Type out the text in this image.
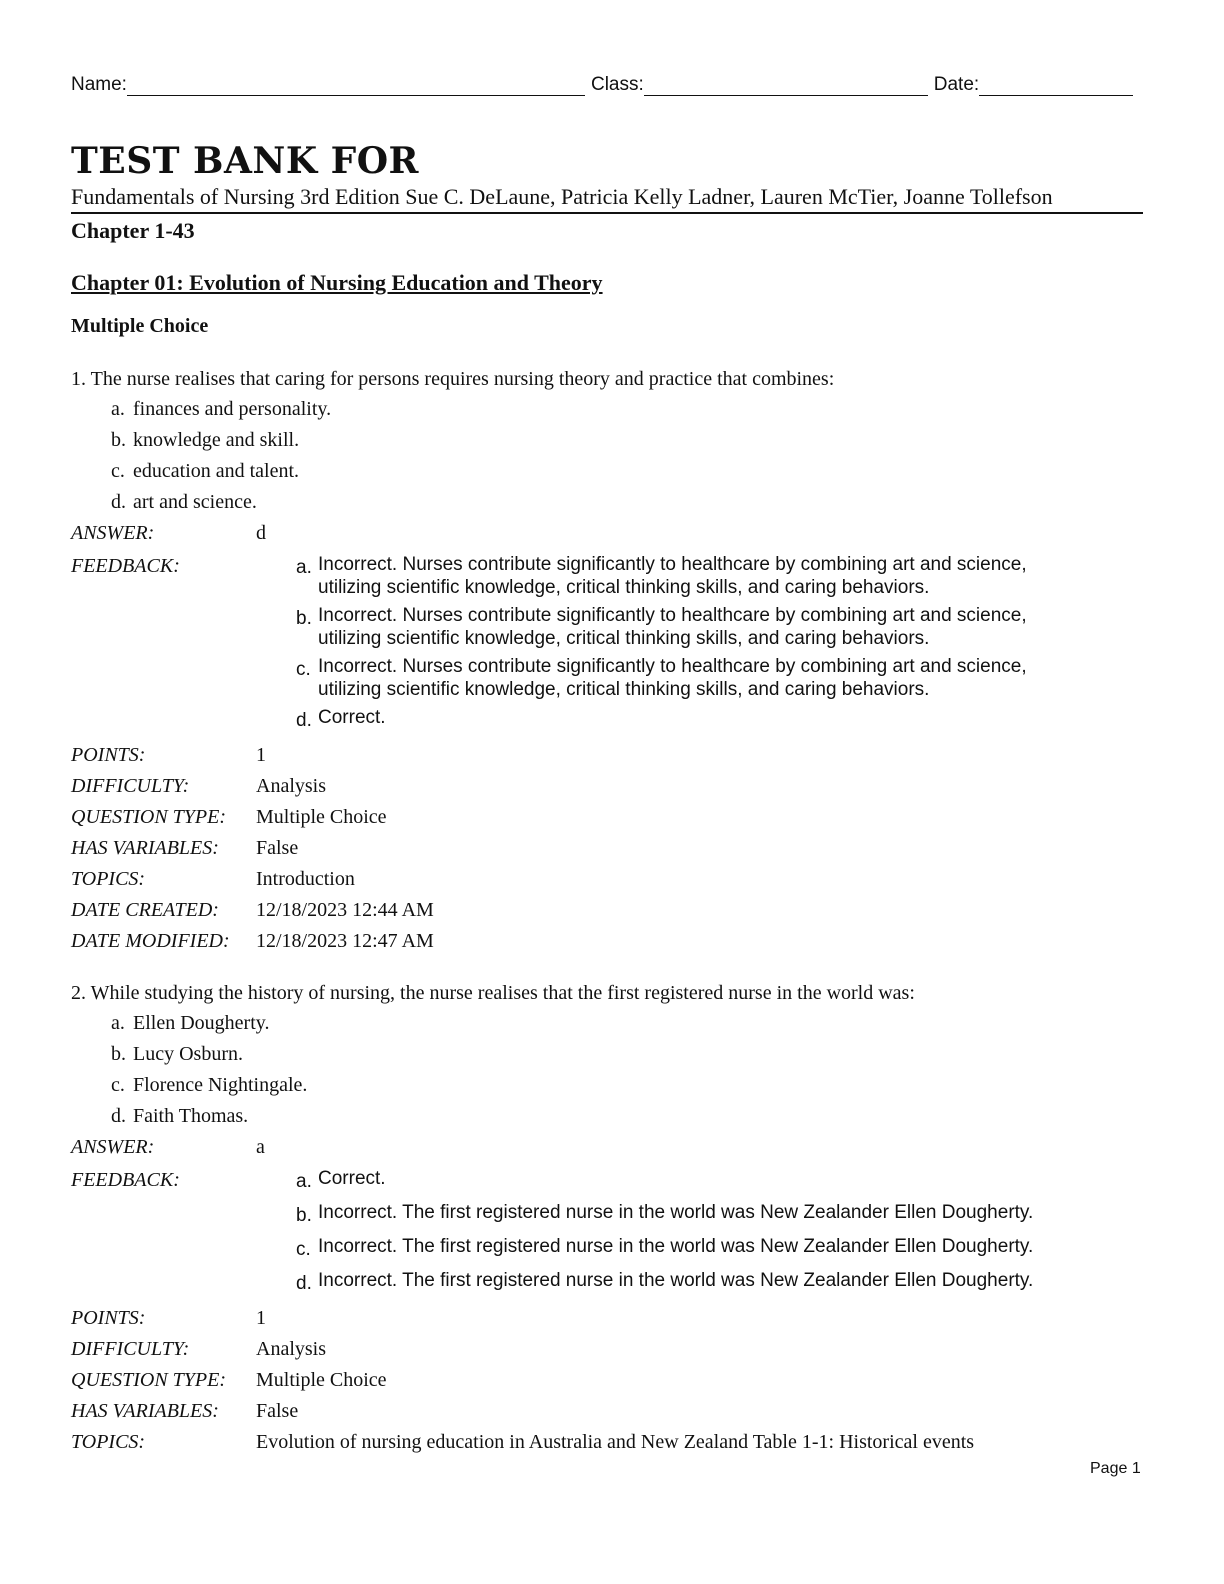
Name:	Class:	Date:
TEST BANK FOR
Fundamentals of Nursing 3rd Edition Sue C. DeLaune, Patricia Kelly Ladner, Lauren McTier, Joanne Tollefson
Chapter 1-43
Chapter 01: Evolution of Nursing Education and Theory
Multiple Choice
1. The nurse realises that caring for persons requires nursing theory and practice that combines:
a. finances and personality.
b. knowledge and skill.
c. education and talent.
d. art and science.
ANSWER:	d
FEEDBACK:	a. Incorrect. Nurses contribute significantly to healthcare by combining art and science, utilizing scientific knowledge, critical thinking skills, and caring behaviors.
b. Incorrect. Nurses contribute significantly to healthcare by combining art and science, utilizing scientific knowledge, critical thinking skills, and caring behaviors.
c. Incorrect. Nurses contribute significantly to healthcare by combining art and science, utilizing scientific knowledge, critical thinking skills, and caring behaviors.
d. Correct.
POINTS:	1
DIFFICULTY:	Analysis
QUESTION TYPE:	Multiple Choice
HAS VARIABLES:	False
TOPICS:	Introduction
DATE CREATED:	12/18/2023 12:44 AM
DATE MODIFIED:	12/18/2023 12:47 AM
2. While studying the history of nursing, the nurse realises that the first registered nurse in the world was:
a. Ellen Dougherty.
b. Lucy Osburn.
c. Florence Nightingale.
d. Faith Thomas.
ANSWER:	a
FEEDBACK:	a. Correct.
b. Incorrect. The first registered nurse in the world was New Zealander Ellen Dougherty.
c. Incorrect. The first registered nurse in the world was New Zealander Ellen Dougherty.
d. Incorrect. The first registered nurse in the world was New Zealander Ellen Dougherty.
POINTS:	1
DIFFICULTY:	Analysis
QUESTION TYPE:	Multiple Choice
HAS VARIABLES:	False
TOPICS:	Evolution of nursing education in Australia and New Zealand Table 1-1: Historical events
Page 1
